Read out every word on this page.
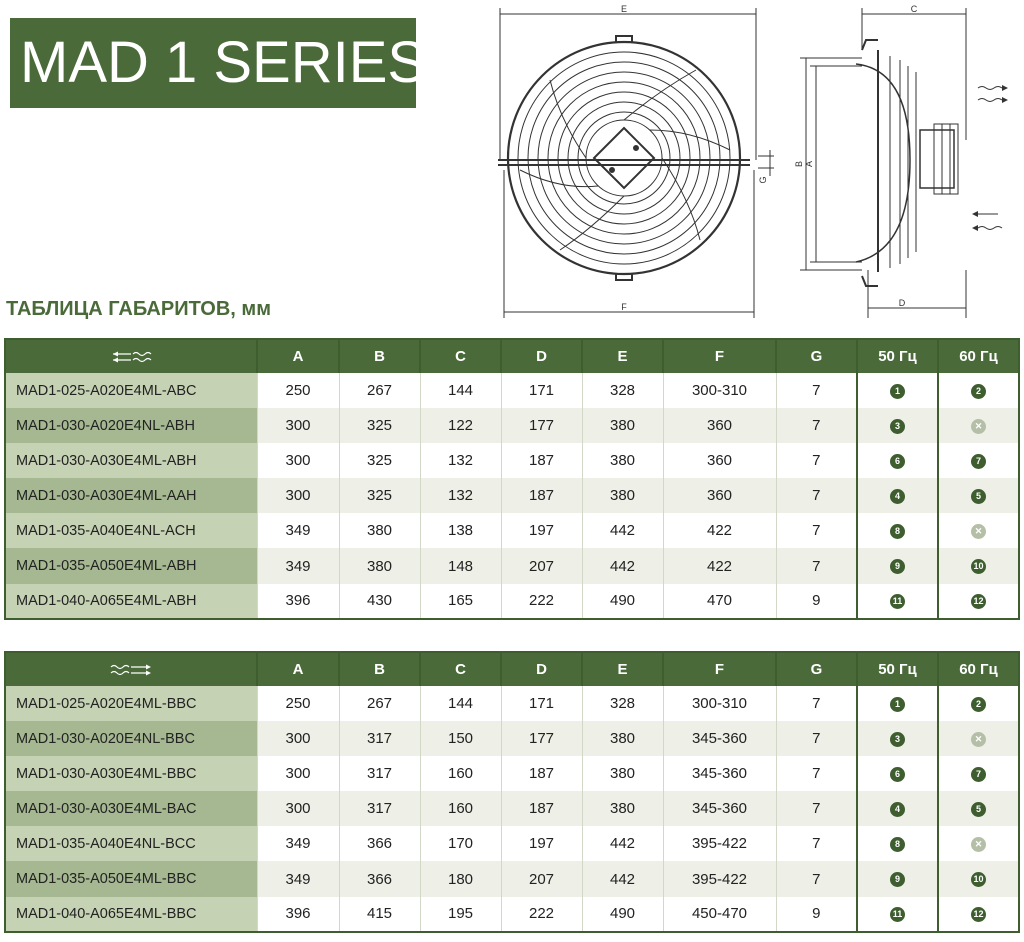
MAD 1 SERIES
E
F
G
B A
C
D
ТАБЛИЦА ГАБАРИТОВ, мм
	A	B	C	D	E	F	G	50 Гц	60 Гц
MAD1-025-A020E4ML-ABC	250	267	144	171	328	300-310	7	1	2
MAD1-030-A020E4NL-ABH	300	325	122	177	380	360	7	3	✕
MAD1-030-A030E4ML-ABH	300	325	132	187	380	360	7	6	7
MAD1-030-A030E4ML-AAH	300	325	132	187	380	360	7	4	5
MAD1-035-A040E4NL-ACH	349	380	138	197	442	422	7	8	✕
MAD1-035-A050E4ML-ABH	349	380	148	207	442	422	7	9	10
MAD1-040-A065E4ML-ABH	396	430	165	222	490	470	9	11	12
	A	B	C	D	E	F	G	50 Гц	60 Гц
MAD1-025-A020E4ML-BBC	250	267	144	171	328	300-310	7	1	2
MAD1-030-A020E4NL-BBC	300	317	150	177	380	345-360	7	3	✕
MAD1-030-A030E4ML-BBC	300	317	160	187	380	345-360	7	6	7
MAD1-030-A030E4ML-BAC	300	317	160	187	380	345-360	7	4	5
MAD1-035-A040E4NL-BCC	349	366	170	197	442	395-422	7	8	✕
MAD1-035-A050E4ML-BBC	349	366	180	207	442	395-422	7	9	10
MAD1-040-A065E4ML-BBC	396	415	195	222	490	450-470	9	11	12
